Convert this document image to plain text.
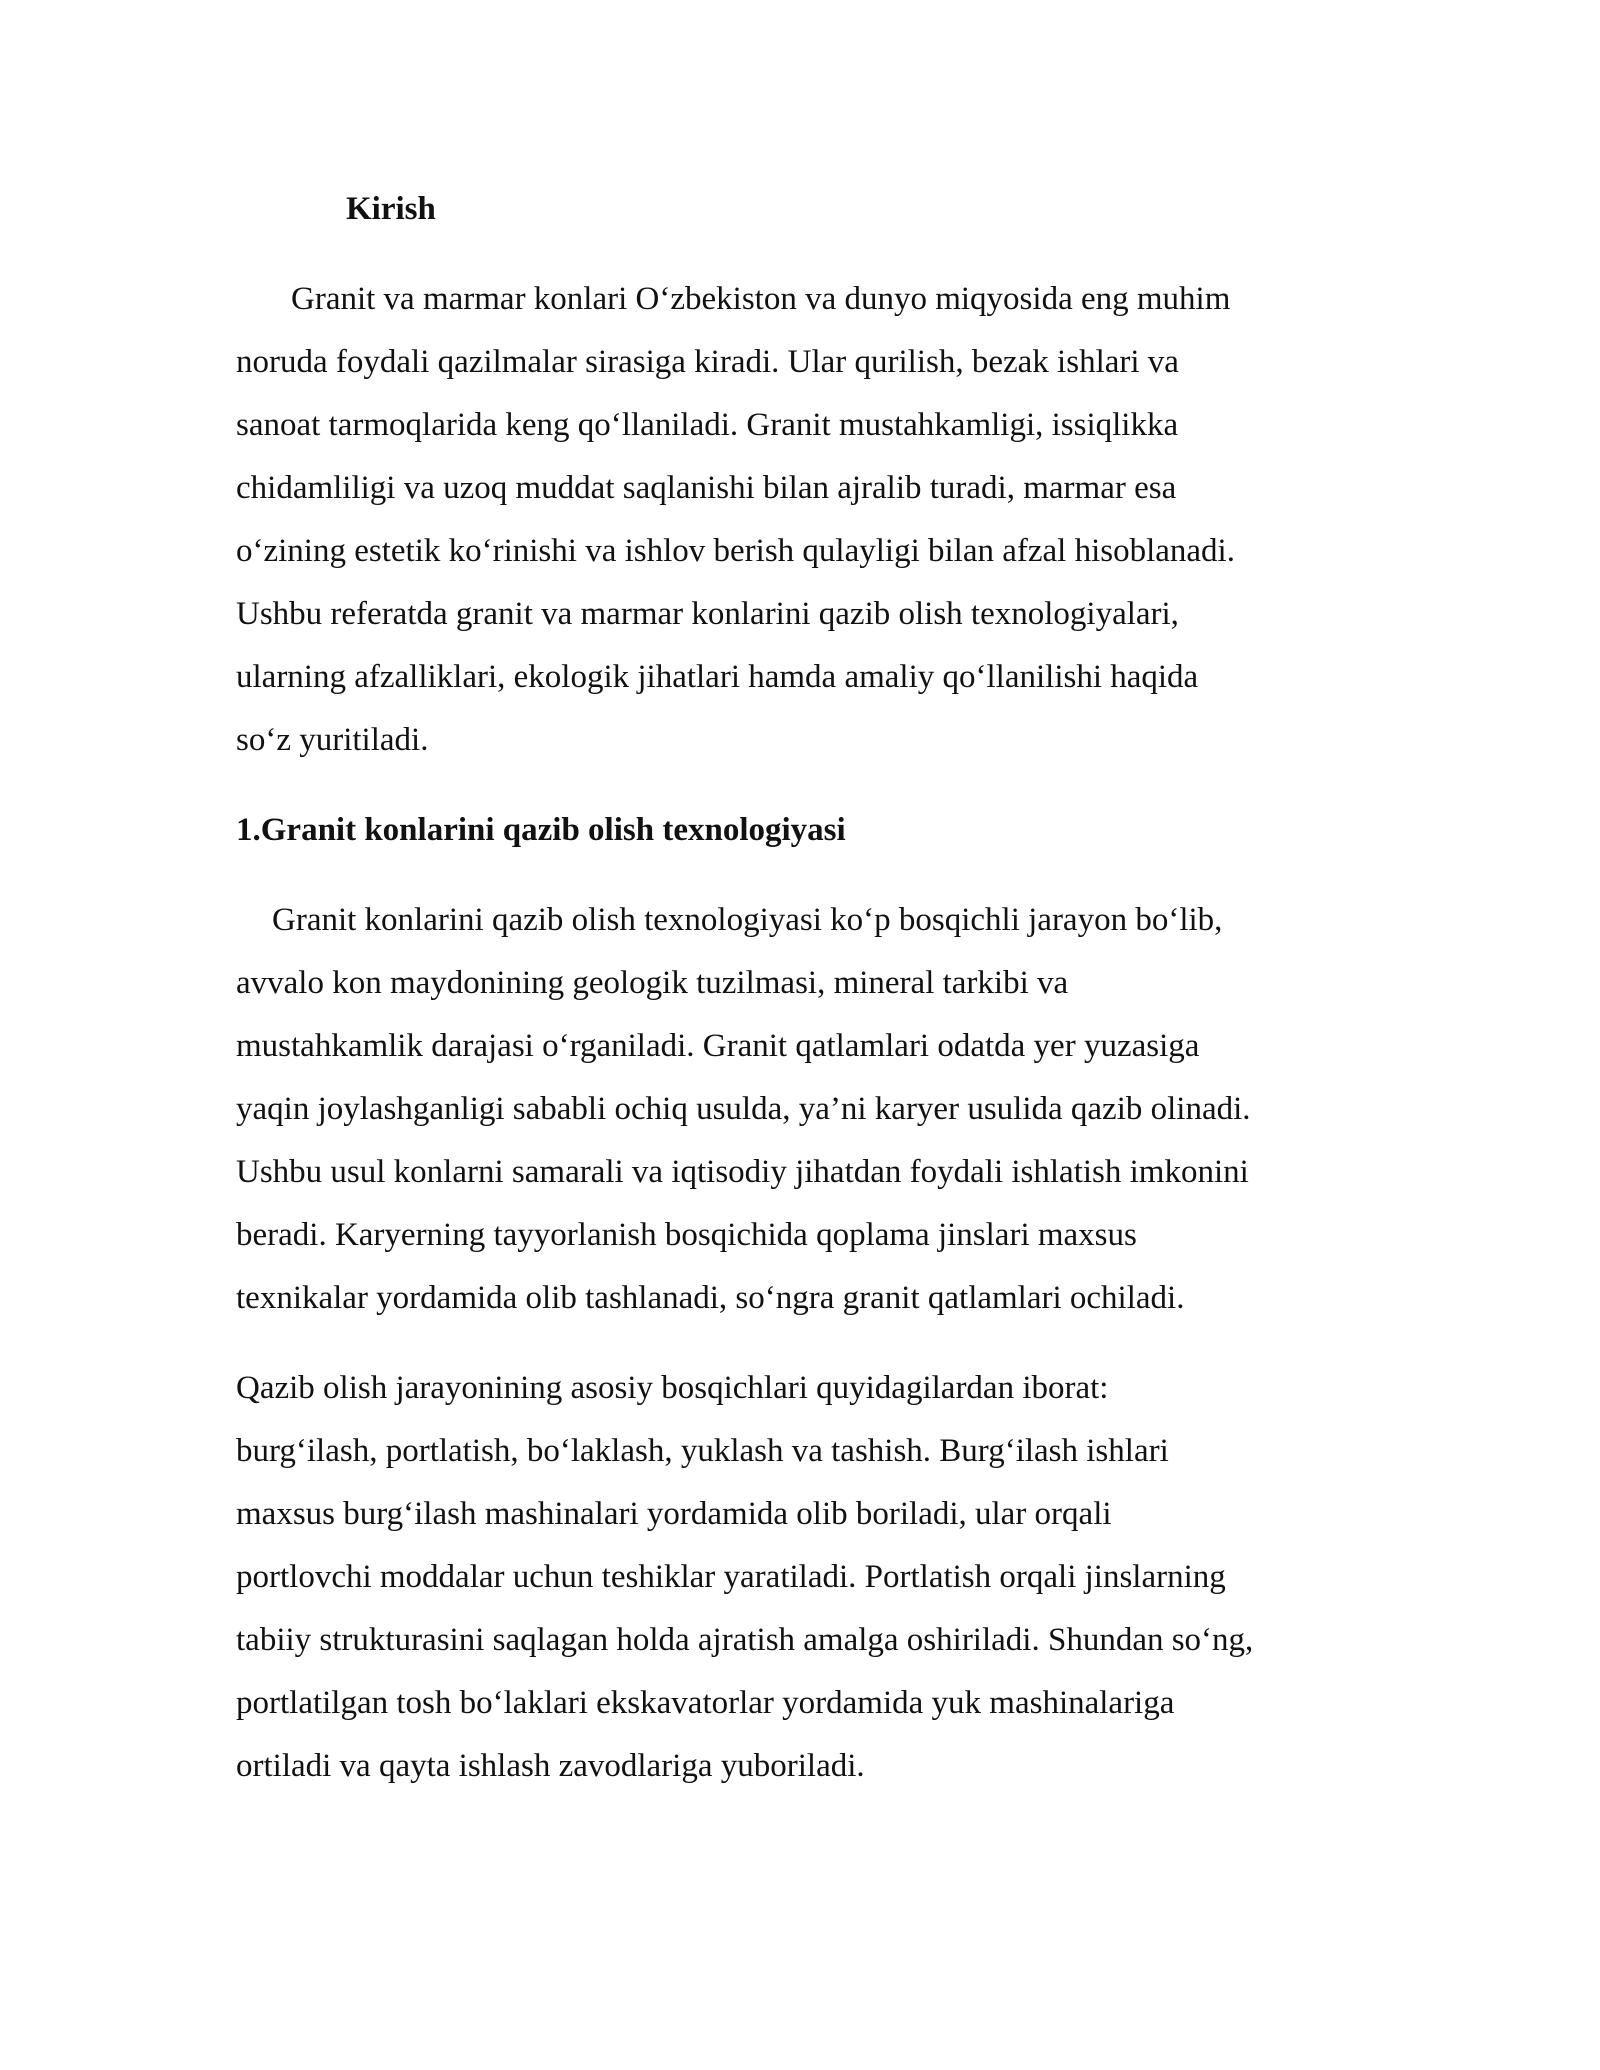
Kirish

Granit va marmar konlari O‘zbekiston va dunyo miqyosida eng muhim
noruda foydali qazilmalar sirasiga kiradi. Ular qurilish, bezak ishlari va
sanoat tarmoqlarida keng qo‘llaniladi. Granit mustahkamligi, issiqlikka
chidamliligi va uzoq muddat saqlanishi bilan ajralib turadi, marmar esa
o‘zining estetik ko‘rinishi va ishlov berish qulayligi bilan afzal hisoblanadi.
Ushbu referatda granit va marmar konlarini qazib olish texnologiyalari,
ularning afzalliklari, ekologik jihatlari hamda amaliy qo‘llanilishi haqida
so‘z yuritiladi.

1.Granit konlarini qazib olish texnologiyasi

Granit konlarini qazib olish texnologiyasi ko‘p bosqichli jarayon bo‘lib,
avvalo kon maydonining geologik tuzilmasi, mineral tarkibi va
mustahkamlik darajasi o‘rganiladi. Granit qatlamlari odatda yer yuzasiga
yaqin joylashganligi sababli ochiq usulda, ya’ni karyer usulida qazib olinadi.
Ushbu usul konlarni samarali va iqtisodiy jihatdan foydali ishlatish imkonini
beradi. Karyerning tayyorlanish bosqichida qoplama jinslari maxsus
texnikalar yordamida olib tashlanadi, so‘ngra granit qatlamlari ochiladi.

Qazib olish jarayonining asosiy bosqichlari quyidagilardan iborat:
burg‘ilash, portlatish, bo‘laklash, yuklash va tashish. Burg‘ilash ishlari
maxsus burg‘ilash mashinalari yordamida olib boriladi, ular orqali
portlovchi moddalar uchun teshiklar yaratiladi. Portlatish orqali jinslarning
tabiiy strukturasini saqlagan holda ajratish amalga oshiriladi. Shundan so‘ng,
portlatilgan tosh bo‘laklari ekskavatorlar yordamida yuk mashinalariga
ortiladi va qayta ishlash zavodlariga yuboriladi.
